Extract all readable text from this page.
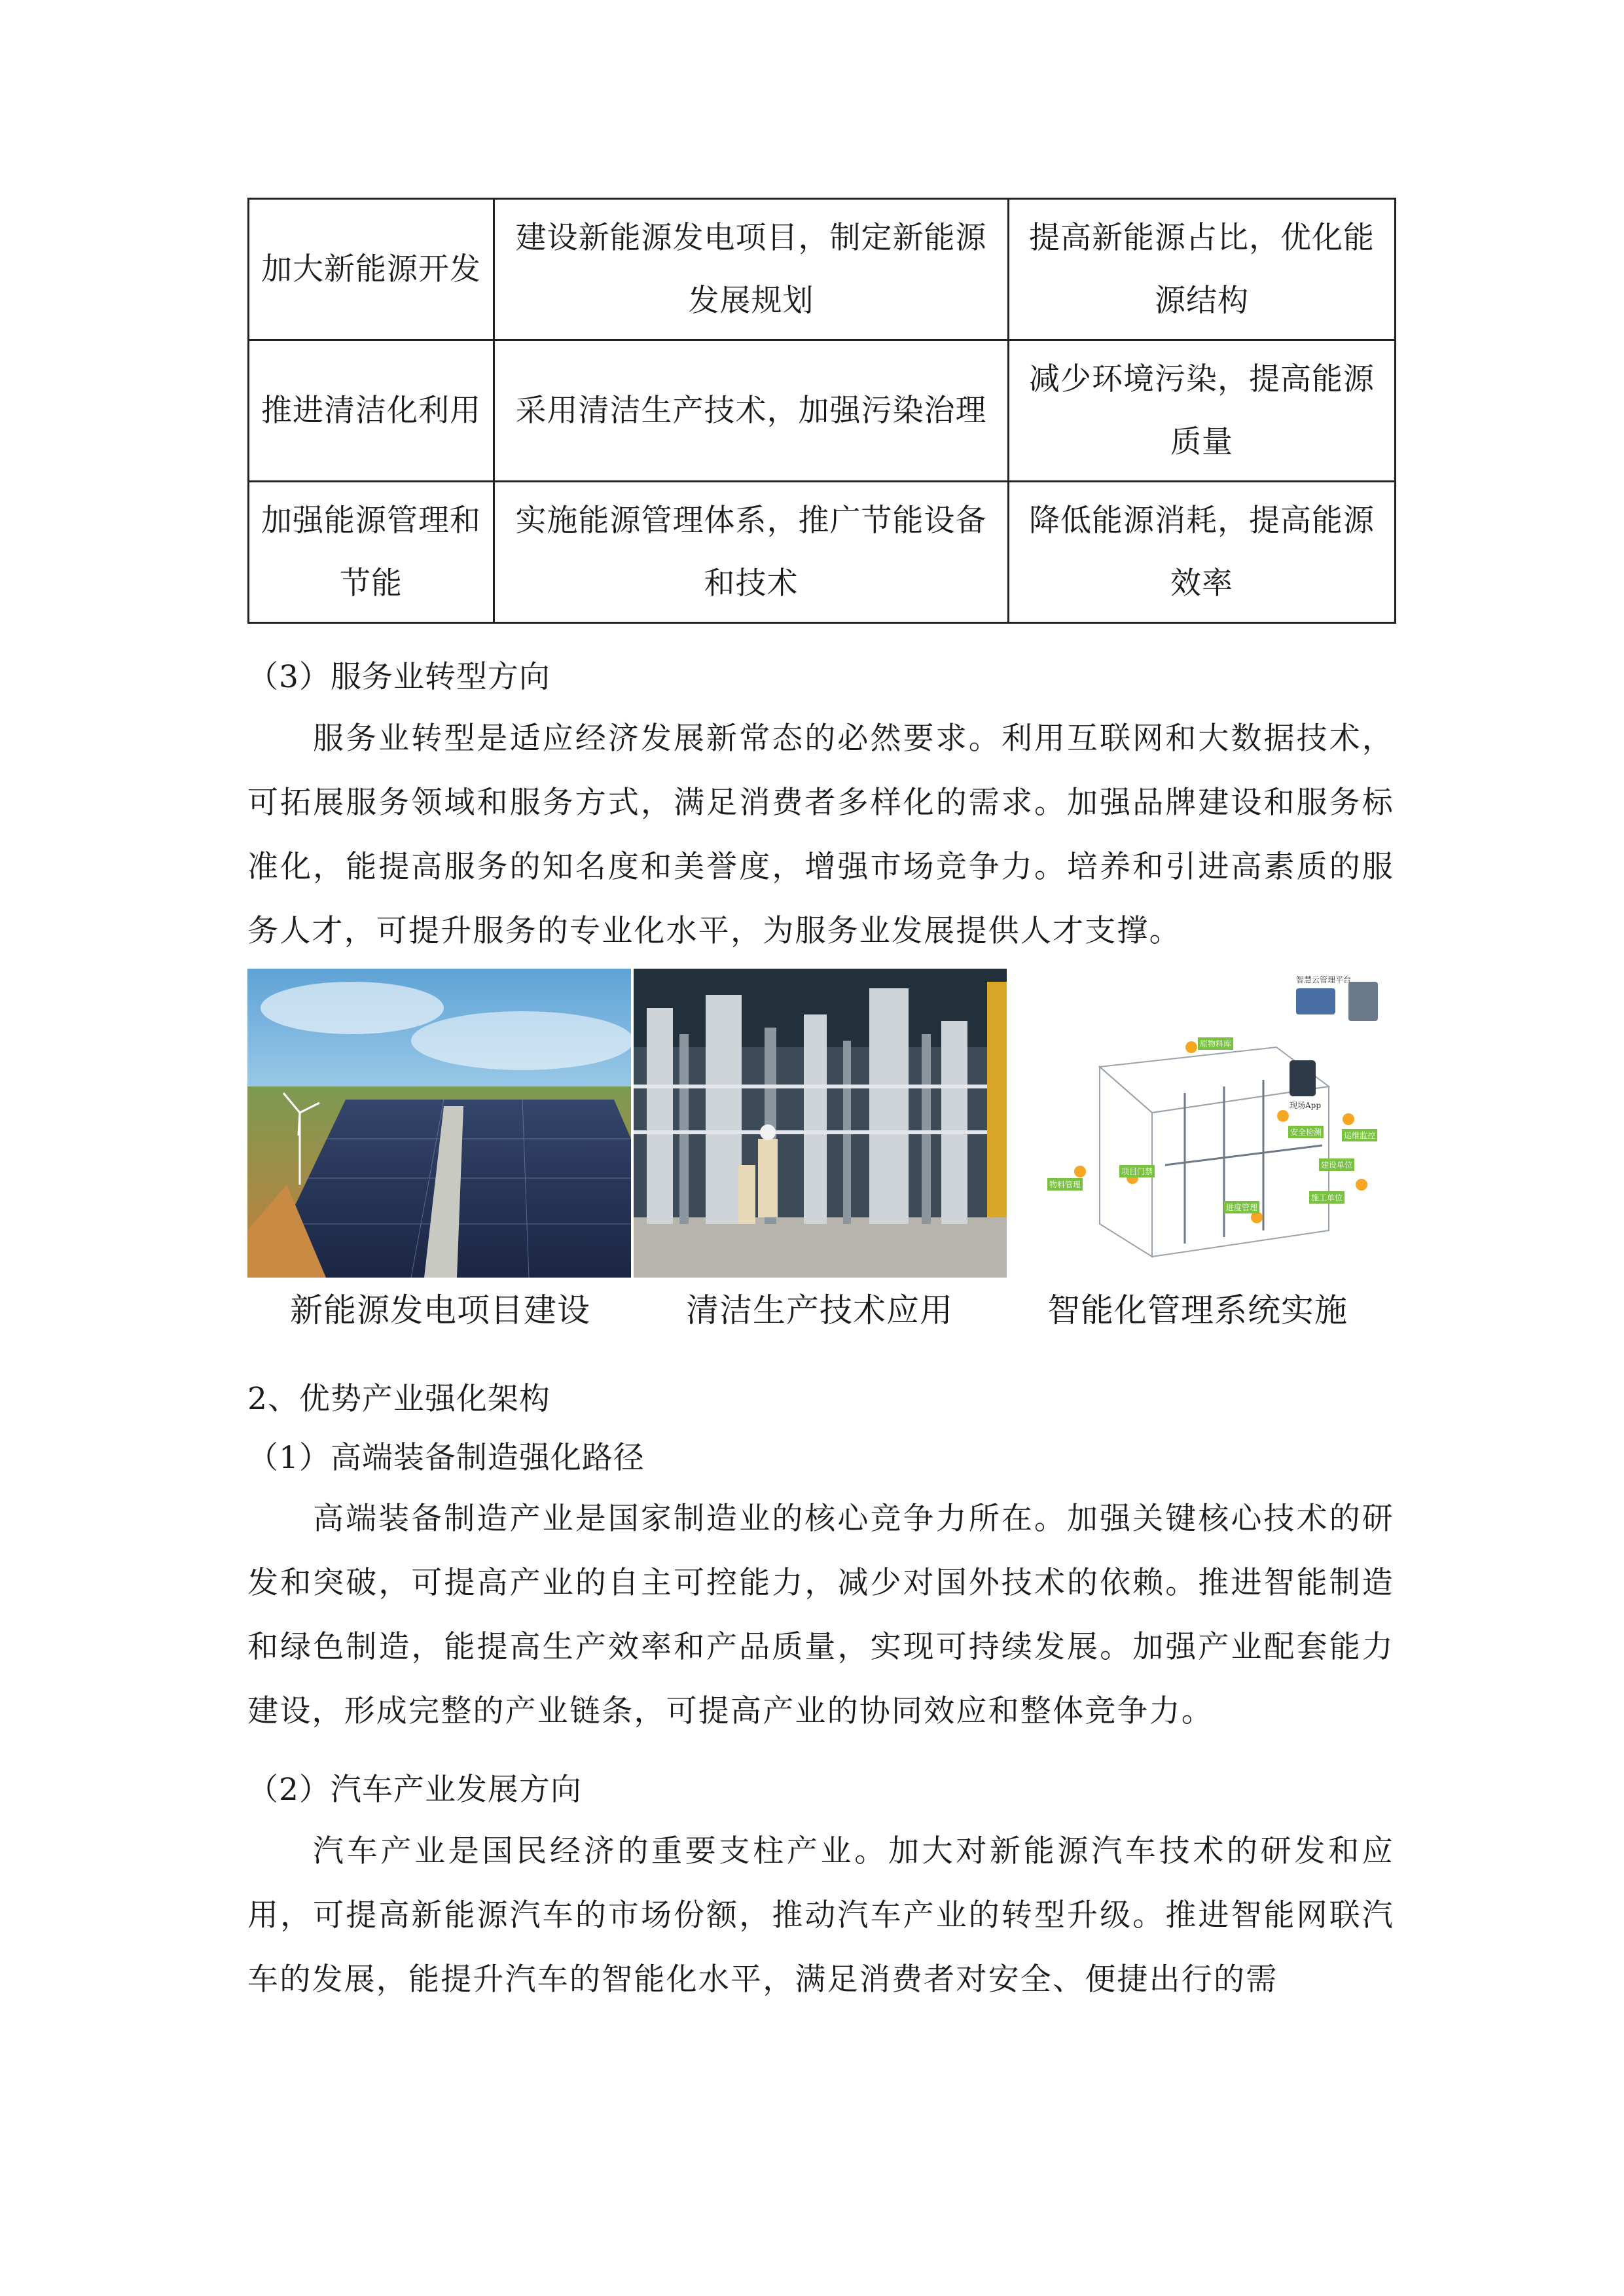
加大新能源开发	建设新能源发电项目，制定新能源发展规划	提高新能源占比，优化能源结构
推进清洁化利用	采用清洁生产技术，加强污染治理	减少环境污染，提高能源质量
加强能源管理和节能	实施能源管理体系，推广节能设备和技术	降低能源消耗，提高能源效率
（3）服务业转型方向

服务业转型是适应经济发展新常态的必然要求。利用互联网和大数据技术，可拓展服务领域和服务方式，满足消费者多样化的需求。加强品牌建设和服务标准化，能提高服务的知名度和美誉度，增强市场竞争力。培养和引进高素质的服务人才，可提升服务的专业化水平，为服务业发展提供人才支撑。

智慧云管理平台
现场App
原物料库
安全检测	运维监控
物料管理
项目门禁
进度管理
施工单位
建设单位
新能源发电项目建设	清洁生产技术应用	智能化管理系统实施
2、优势产业强化架构
（1）高端装备制造强化路径

高端装备制造产业是国家制造业的核心竞争力所在。加强关键核心技术的研发和突破，可提高产业的自主可控能力，减少对国外技术的依赖。推进智能制造和绿色制造，能提高生产效率和产品质量，实现可持续发展。加强产业配套能力建设，形成完整的产业链条，可提高产业的协同效应和整体竞争力。

（2）汽车产业发展方向

汽车产业是国民经济的重要支柱产业。加大对新能源汽车技术的研发和应用，可提高新能源汽车的市场份额，推动汽车产业的转型升级。推进智能网联汽车的发展，能提升汽车的智能化水平，满足消费者对安全、便捷出行的需
